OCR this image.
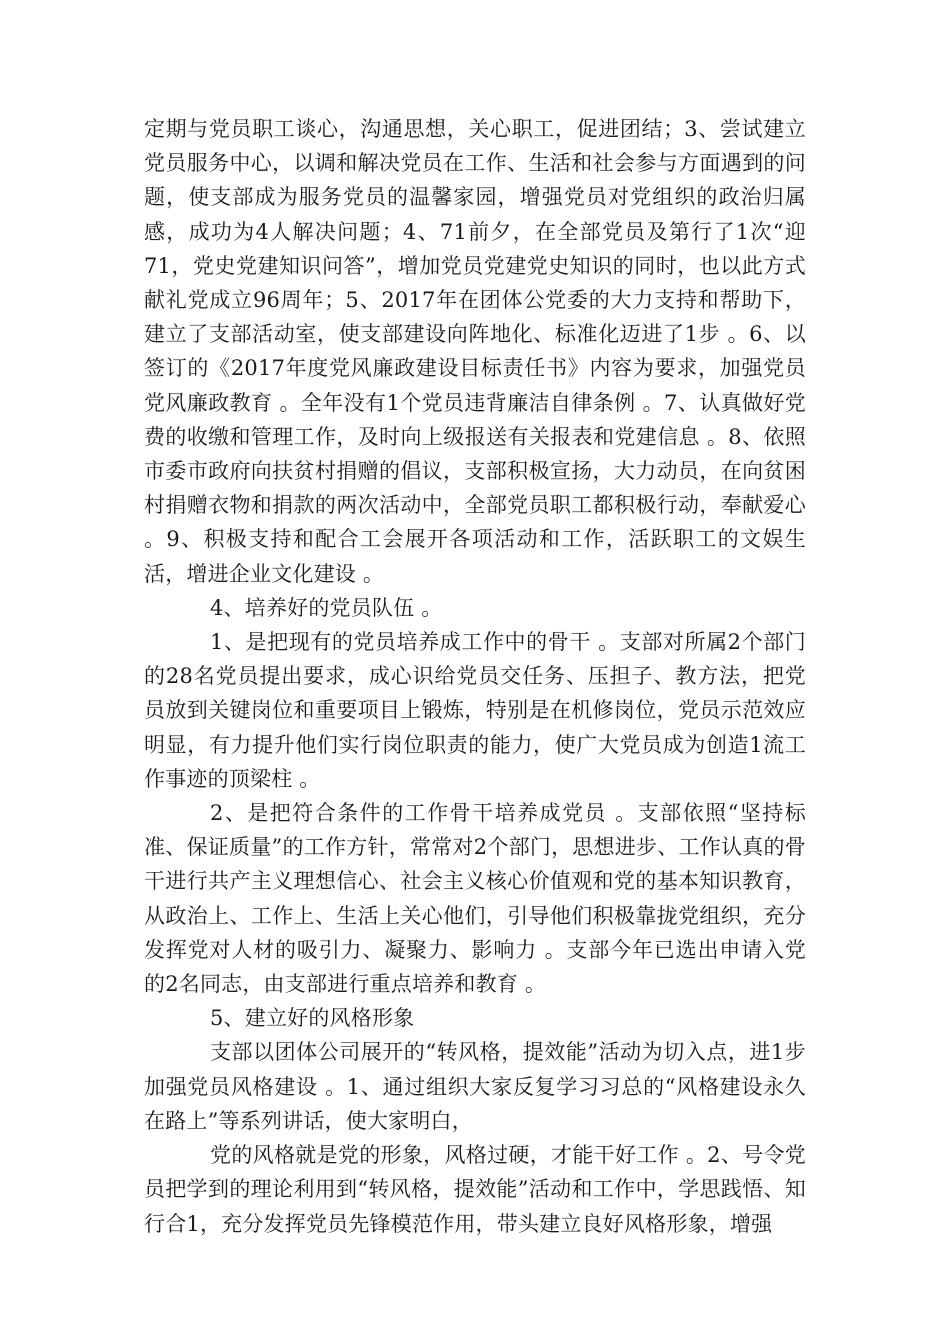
定期与党员职工谈心，沟通思想，关心职工，促进团结；3、尝试建立党员服务中心，以调和解决党员在工作、生活和社会参与方面遇到的问题，使支部成为服务党员的温馨家园，增强党员对党组织的政治归属感，成功为4人解决问题；4、71前夕，在全部党员及第行了1次“迎71，党史党建知识问答”，增加党员党建党史知识的同时，也以此方式献礼党成立96周年；5、2017年在团体公党委的大力支持和帮助下，建立了支部活动室，使支部建设向阵地化、标准化迈进了1步 。6、以签订的《2017年度党风廉政建设目标责任书》内容为要求，加强党员党风廉政教育 。全年没有1个党员违背廉洁自律条例 。7、认真做好党费的收缴和管理工作，及时向上级报送有关报表和党建信息 。8、依照市委市政府向扶贫村捐赠的倡议，支部积极宣扬，大力动员，在向贫困村捐赠衣物和捐款的两次活动中，全部党员职工都积极行动，奉献爱心 。9、积极支持和配合工会展开各项活动和工作，活跃职工的文娱生活，增进企业文化建设 。

4、培养好的党员队伍 。

1、是把现有的党员培养成工作中的骨干 。支部对所属2个部门的28名党员提出要求，成心识给党员交任务、压担子、教方法，把党员放到关键岗位和重要项目上锻炼，特别是在机修岗位，党员示范效应明显，有力提升他们实行岗位职责的能力，使广大党员成为创造1流工作事迹的顶梁柱 。

2、是把符合条件的工作骨干培养成党员 。支部依照“坚持标准、保证质量”的工作方针，常常对2个部门，思想进步、工作认真的骨干进行共产主义理想信心、社会主义核心价值观和党的基本知识教育，从政治上、工作上、生活上关心他们，引导他们积极靠拢党组织，充分发挥党对人材的吸引力、凝聚力、影响力 。支部今年已选出申请入党的2名同志，由支部进行重点培养和教育 。

5、建立好的风格形象

支部以团体公司展开的“转风格，提效能”活动为切入点，进1步加强党员风格建设 。1、通过组织大家反复学习习总的“风格建设永久在路上”等系列讲话，使大家明白，

党的风格就是党的形象，风格过硬，才能干好工作 。2、号令党员把学到的理论利用到“转风格，提效能”活动和工作中，学思践悟、知行合1，充分发挥党员先锋模范作用，带头建立良好风格形象，增强
